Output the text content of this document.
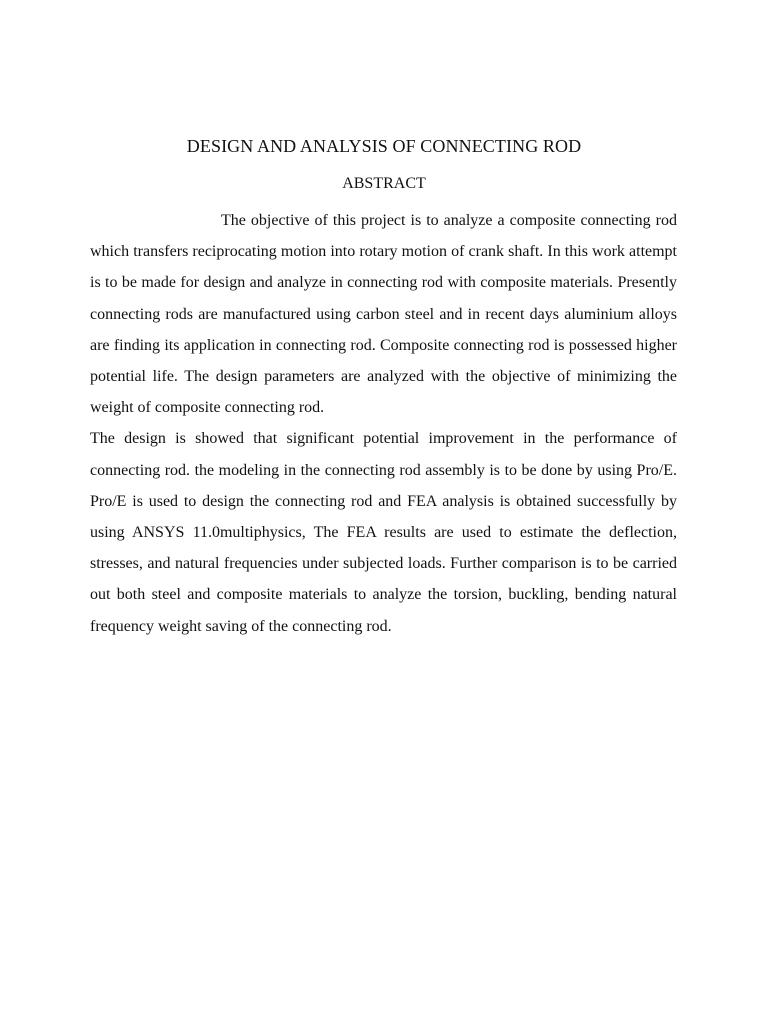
DESIGN AND ANALYSIS OF CONNECTING ROD
ABSTRACT

The objective of this project is to analyze a composite connecting rod which transfers reciprocating motion into rotary motion of crank shaft. In this work attempt is to be made for design and analyze in connecting rod with composite materials. Presently connecting rods are manufactured using carbon steel and in recent days aluminium alloys are finding its application in connecting rod. Composite connecting rod is possessed higher potential life. The design parameters are analyzed with the objective of minimizing the weight of composite connecting rod.

The design is showed that significant potential improvement in the performance of connecting rod. the modeling in the connecting rod assembly is to be done by using Pro/E. Pro/E is used to design the connecting rod and FEA analysis is obtained successfully by using ANSYS 11.0multiphysics, The FEA results are used to estimate the deflection, stresses, and natural frequencies under subjected loads. Further comparison is to be carried out both steel and composite materials to analyze the torsion, buckling, bending natural frequency weight saving of the connecting rod.
